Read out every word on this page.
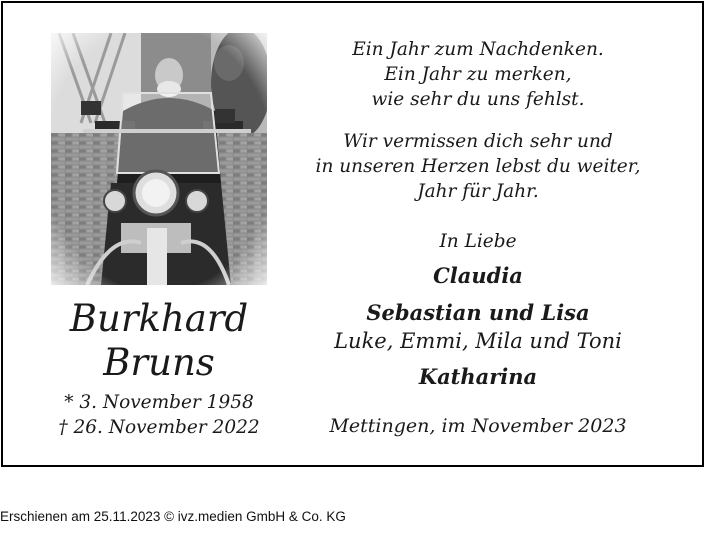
Burkhard
Bruns
* 3. November 1958
† 26. November 2022
Ein Jahr zum Nachdenken.
Ein Jahr zu merken,
wie sehr du uns fehlst.
Wir vermissen dich sehr und
in unseren Herzen lebst du weiter,
Jahr für Jahr.
In Liebe
Claudia
Sebastian und Lisa
Luke, Emmi, Mila und Toni
Katharina
Mettingen, im November 2023
Erschienen am 25.11.2023 © ivz.medien GmbH & Co. KG
